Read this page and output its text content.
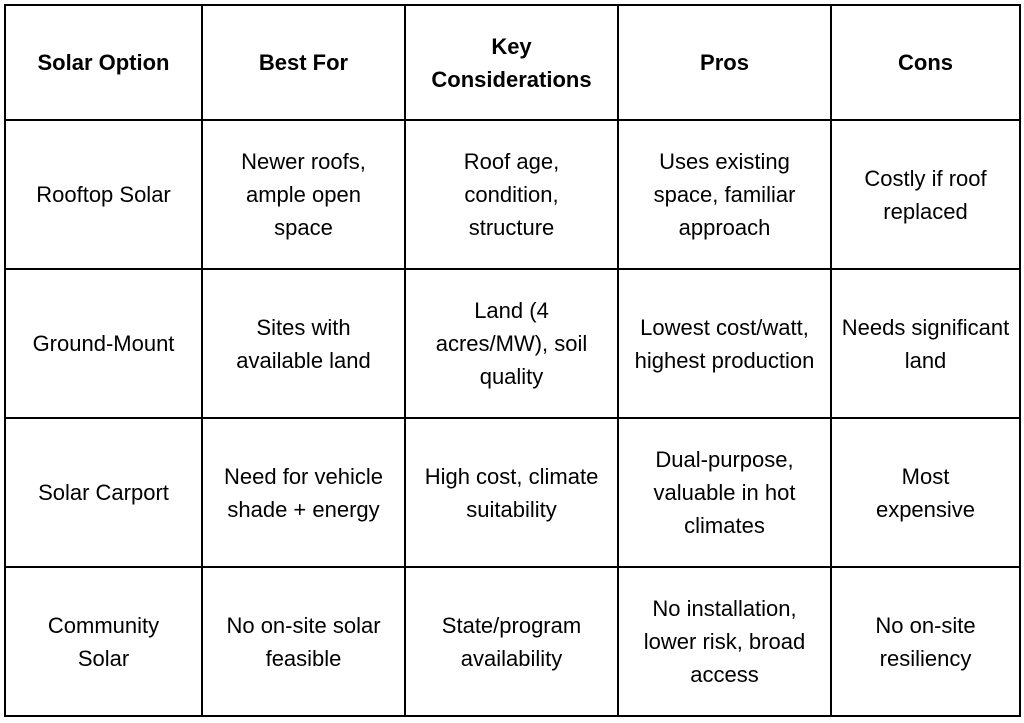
Solar Option	Best For	Key Considerations	Pros	Cons

Rooftop Solar	Newer roofs, ample open space	Roof age, condition, structure	Uses existing space, familiar approach	Costly if roof replaced

Ground-Mount	Sites with available land	Land (4 acres/MW), soil quality	Lowest cost/watt, highest production	Needs significant land

Solar Carport	Need for vehicle shade + energy	High cost, climate suitability	Dual-purpose, valuable in hot climates	Most expensive

Community Solar	No on-site solar feasible	State/program availability	No installation, lower risk, broad access	No on-site resiliency
